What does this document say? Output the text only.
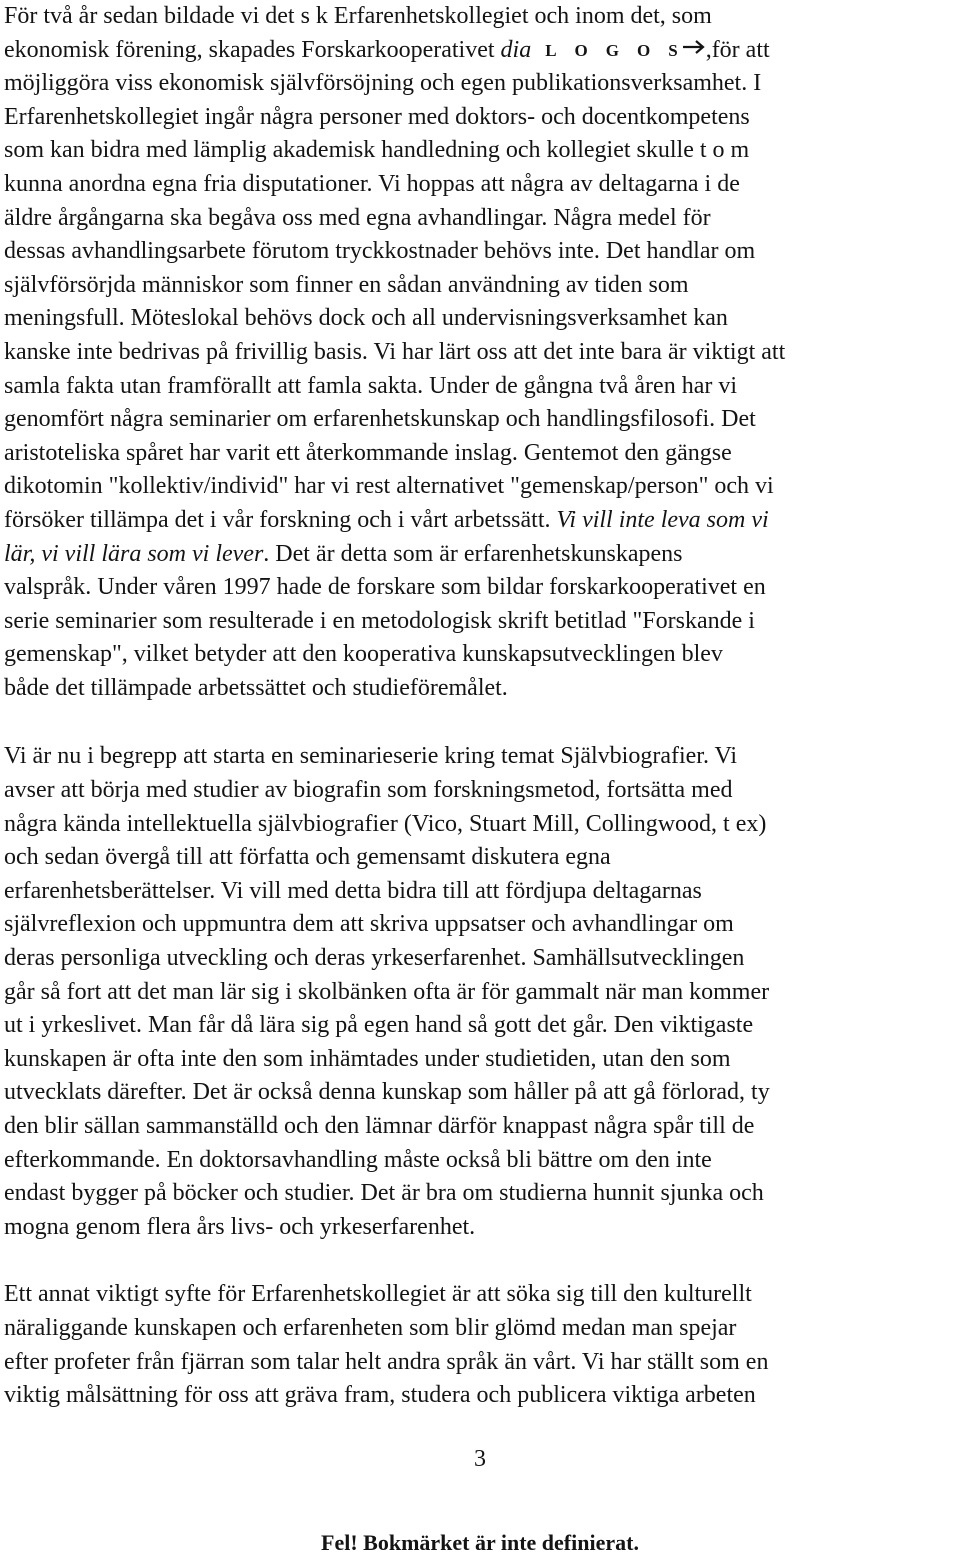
För två år sedan bildade vi det s k Erfarenhetskollegiet och inom det, som
ekonomisk förening, skapades Forskarkooperativet dia LOGOS ,för att
möjliggöra viss ekonomisk självförsöjning och egen publikationsverksamhet. I
Erfarenhetskollegiet ingår några personer med doktors- och docentkompetens
som kan bidra med lämplig akademisk handledning och kollegiet skulle t o m
kunna anordna egna fria disputationer. Vi hoppas att några av deltagarna i de
äldre årgångarna ska begåva oss med egna avhandlingar. Några medel för
dessas avhandlingsarbete förutom tryckkostnader behövs inte. Det handlar om
självförsörjda människor som finner en sådan användning av tiden som
meningsfull. Möteslokal behövs dock och all undervisningsverksamhet kan
kanske inte bedrivas på frivillig basis. Vi har lärt oss att det inte bara är viktigt att
samla fakta utan framförallt att famla sakta. Under de gångna två åren har vi
genomfört några seminarier om erfarenhetskunskap och handlingsfilosofi. Det
aristoteliska spåret har varit ett återkommande inslag. Gentemot den gängse
dikotomin "kollektiv/individ" har vi rest alternativet "gemenskap/person" och vi
försöker tillämpa det i vår forskning och i vårt arbetssätt. Vi vill inte leva som vi
lär, vi vill lära som vi lever. Det är detta som är erfarenhetskunskapens
valspråk. Under våren 1997 hade de forskare som bildar forskarkooperativet en
serie seminarier som resulterade i en metodologisk skrift betitlad "Forskande i
gemenskap", vilket betyder att den kooperativa kunskapsutvecklingen blev
både det tillämpade arbetssättet och studieföremålet.
Vi är nu i begrepp att starta en seminarieserie kring temat Självbiografier. Vi
avser att börja med studier av biografin som forskningsmetod, fortsätta med
några kända intellektuella självbiografier (Vico, Stuart Mill, Collingwood, t ex)
och sedan övergå till att författa och gemensamt diskutera egna
erfarenhetsberättelser. Vi vill med detta bidra till att fördjupa deltagarnas
självreflexion och uppmuntra dem att skriva uppsatser och avhandlingar om
deras personliga utveckling och deras yrkeserfarenhet. Samhällsutvecklingen
går så fort att det man lär sig i skolbänken ofta är för gammalt när man kommer
ut i yrkeslivet. Man får då lära sig på egen hand så gott det går. Den viktigaste
kunskapen är ofta inte den som inhämtades under studietiden, utan den som
utvecklats därefter. Det är också denna kunskap som håller på att gå förlorad, ty
den blir sällan sammanställd och den lämnar därför knappast några spår till de
efterkommande. En doktorsavhandling måste också bli bättre om den inte
endast bygger på böcker och studier. Det är bra om studierna hunnit sjunka och
mogna genom flera års livs- och yrkeserfarenhet.
Ett annat viktigt syfte för Erfarenhetskollegiet är att söka sig till den kulturellt
näraliggande kunskapen och erfarenheten som blir glömd medan man spejar
efter profeter från fjärran som talar helt andra språk än vårt. Vi har ställt som en
viktig målsättning för oss att gräva fram, studera och publicera viktiga arbeten
3
Fel! Bokmärket är inte definierat.
